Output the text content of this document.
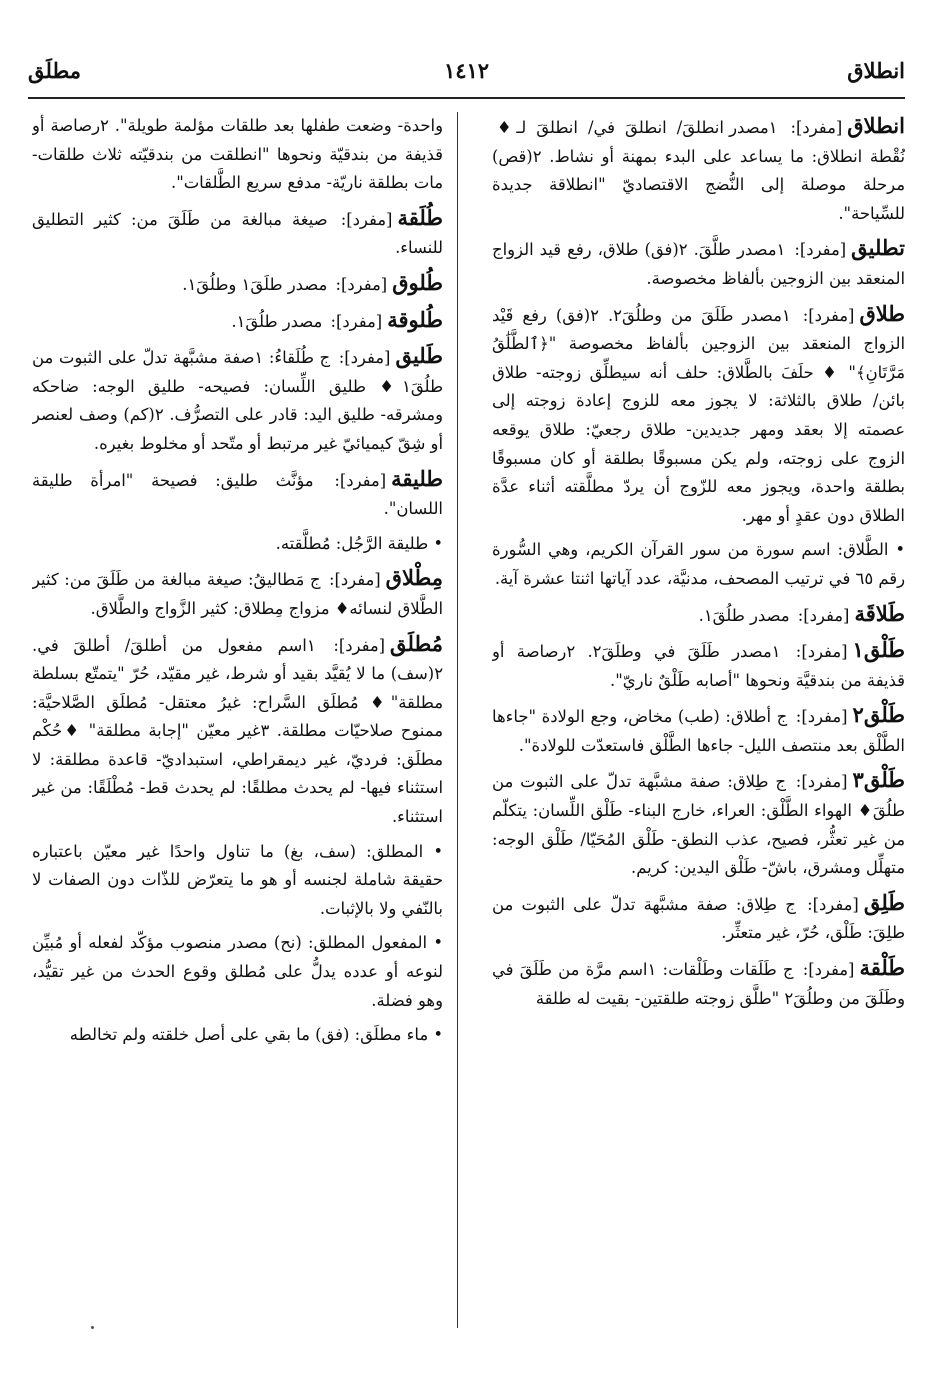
انطلاق
١٤١٢
مطلَق

انطلاق[مفرد]: ١مصدر انطلقَ/ انطلقَ في/ انطلقَ لـ♦ نُقْطة انطلاق: ما يساعد على البدء بمهنة أو نشاط. ٢(قص) مرحلة موصلة إلى النُّضج الاقتصاديّ "انطلاقة جديدة للسِّياحة".

تطليق[مفرد]: ١مصدر طلَّقَ. ٢(فق) طلاق، رفع قيد الزواج المنعقد بين الزوجين بألفاظ مخصوصة.

طلاق[مفرد]: ١مصدر طَلَقَ من وطلُقَ٢. ٢(فق) رفع قَيْد الزواج المنعقد بين الزوجين بألفاظ مخصوصة "﴿ٱلطَّلَٰقُ مَرَّتَانِ﴾" ♦ حلَفَ بالطَّلاق: حلف أنه سيطلِّق زوجته- طلاق بائن/ طلاق بالثلاثة: لا يجوز معه للزوج إعادة زوجته إلى عصمته إلا بعقد ومهر جديدين- طلاق رجعيّ: طلاق يوقعه الزوج على زوجته، ولم يكن مسبوقًا بطلقة أو كان مسبوقًا بطلقة واحدة، ويجوز معه للزّوج أن يردّ مطلَّقته أثناء عدَّة الطلاق دون عقدٍ أو مهر.

• الطَّلاق: اسم سورة من سور القرآن الكريم، وهي السُّورة رقم ٦٥ في ترتيب المصحف، مدنيَّة، عدد آياتها اثنتا عشرة آية.

طَلاقَة[مفرد]: مصدر طلُقَ١.

طَلْق١[مفرد]: ١مصدر طَلَقَ في وطلَقَ٢. ٢رصاصة أو قذيفة من بندقيَّة ونحوها "أصابه طَلْقٌ ناريّ".

طَلْق٢[مفرد]: ج أطلاق: (طب) مخاض، وجع الولادة "جاءها الطَّلْق بعد منتصف الليل- جاءها الطَّلْق فاستعدّت للولادة".

طَلْق٣[مفرد]: ج طِلاق: صفة مشبَّهة تدلّ على الثبوت من طلُقَ♦ الهواء الطَّلْق: العراء، خارج البناء- طَلْق اللِّسان: يتكلّم من غير تعثُّر، فصيح، عذب النطق- طَلْق المُحَيّا/ طَلْق الوجه: متهلِّل ومشرق، باشّ- طَلْق اليدين: كريم.

طَلِق[مفرد]: ج طِلاق: صفة مشبَّهة تدلّ على الثبوت من طلِقَ: طَلْق، حُرّ، غير متعثِّر.

طَلْقة[مفرد]: ج طَلَقات وطَلْقات: ١اسم مرَّة من طَلَقَ في وطَلَقَ من وطلُقَ٢ "طلَّق زوجته طلقتين- بقيت له طلقة

واحدة- وضعت طفلها بعد طلقات مؤلمة طويلة". ٢رصاصة أو قذيفة من بندقيّة ونحوها "انطلقت من بندقيّته ثلاث طلقات- مات بطلقة ناريّة- مدفع سريع الطَّلقات".

طُلَقة[مفرد]: صيغة مبالغة من طَلَقَ من: كثير التطليق للنساء.

طُلوق[مفرد]: مصدر طلَقَ١ وطلُقَ١.

طُلوقة[مفرد]: مصدر طلُقَ١.

طَليق[مفرد]: ج طُلَقاءُ: ١صفة مشبَّهة تدلّ على الثبوت من طلُقَ١♦ طليق اللِّسان: فصيحه- طليق الوجه: ضاحكه ومشرقه- طليق اليد: قادر على التصرُّف. ٢(كم) وصف لعنصر أو شِقّ كيميائيّ غير مرتبط أو متّحد أو مخلوط بغيره.

طليقة[مفرد]: مؤنَّث طليق: فصيحة "امرأة طليقة اللسان".

• طليقة الرَّجُل: مُطلَّقته.

مِطْلاق[مفرد]: ج مَطاليقُ: صيغة مبالغة من طَلَقَ من: كثير الطَّلاق لنسائه♦ مزواج مِطلاق: كثير الزَّواج والطَّلاق.

مُطلَق[مفرد]: ١اسم مفعول من أطلقَ/ أطلقَ في. ٢(سف) ما لا يُقيَّد بقيد أو شرط، غير مقيّد، حُرّ "يتمتّع بسلطة مطلقة"♦ مُطلَق السَّراح: غيرُ معتقل- مُطلَق الصَّلاحيَّة: ممنوح صلاحيّات مطلقة. ٣غير معيّن "إجابة مطلقة" ♦حُكْم مطلَق: فرديّ، غير ديمقراطي، استبداديّ- قاعدة مطلقة: لا استثناء فيها- لم يحدث مطلقًا: لم يحدث قط- مُطْلَقًا: من غير استثناء.

• المطلق: (سف، بغ) ما تناول واحدًا غير معيّن باعتباره حقيقة شاملة لجنسه أو هو ما يتعرّض للذّات دون الصفات لا بالنّفي ولا بالإثبات.

• المفعول المطلق: (نح) مصدر منصوب مؤكّد لفعله أو مُبيِّن لنوعه أو عدده يدلُّ على مُطلق وقوع الحدث من غير تقيُّد، وهو فضلة.

• ماء مطلَق: (فق) ما بقي على أصل خلقته ولم تخالطه
